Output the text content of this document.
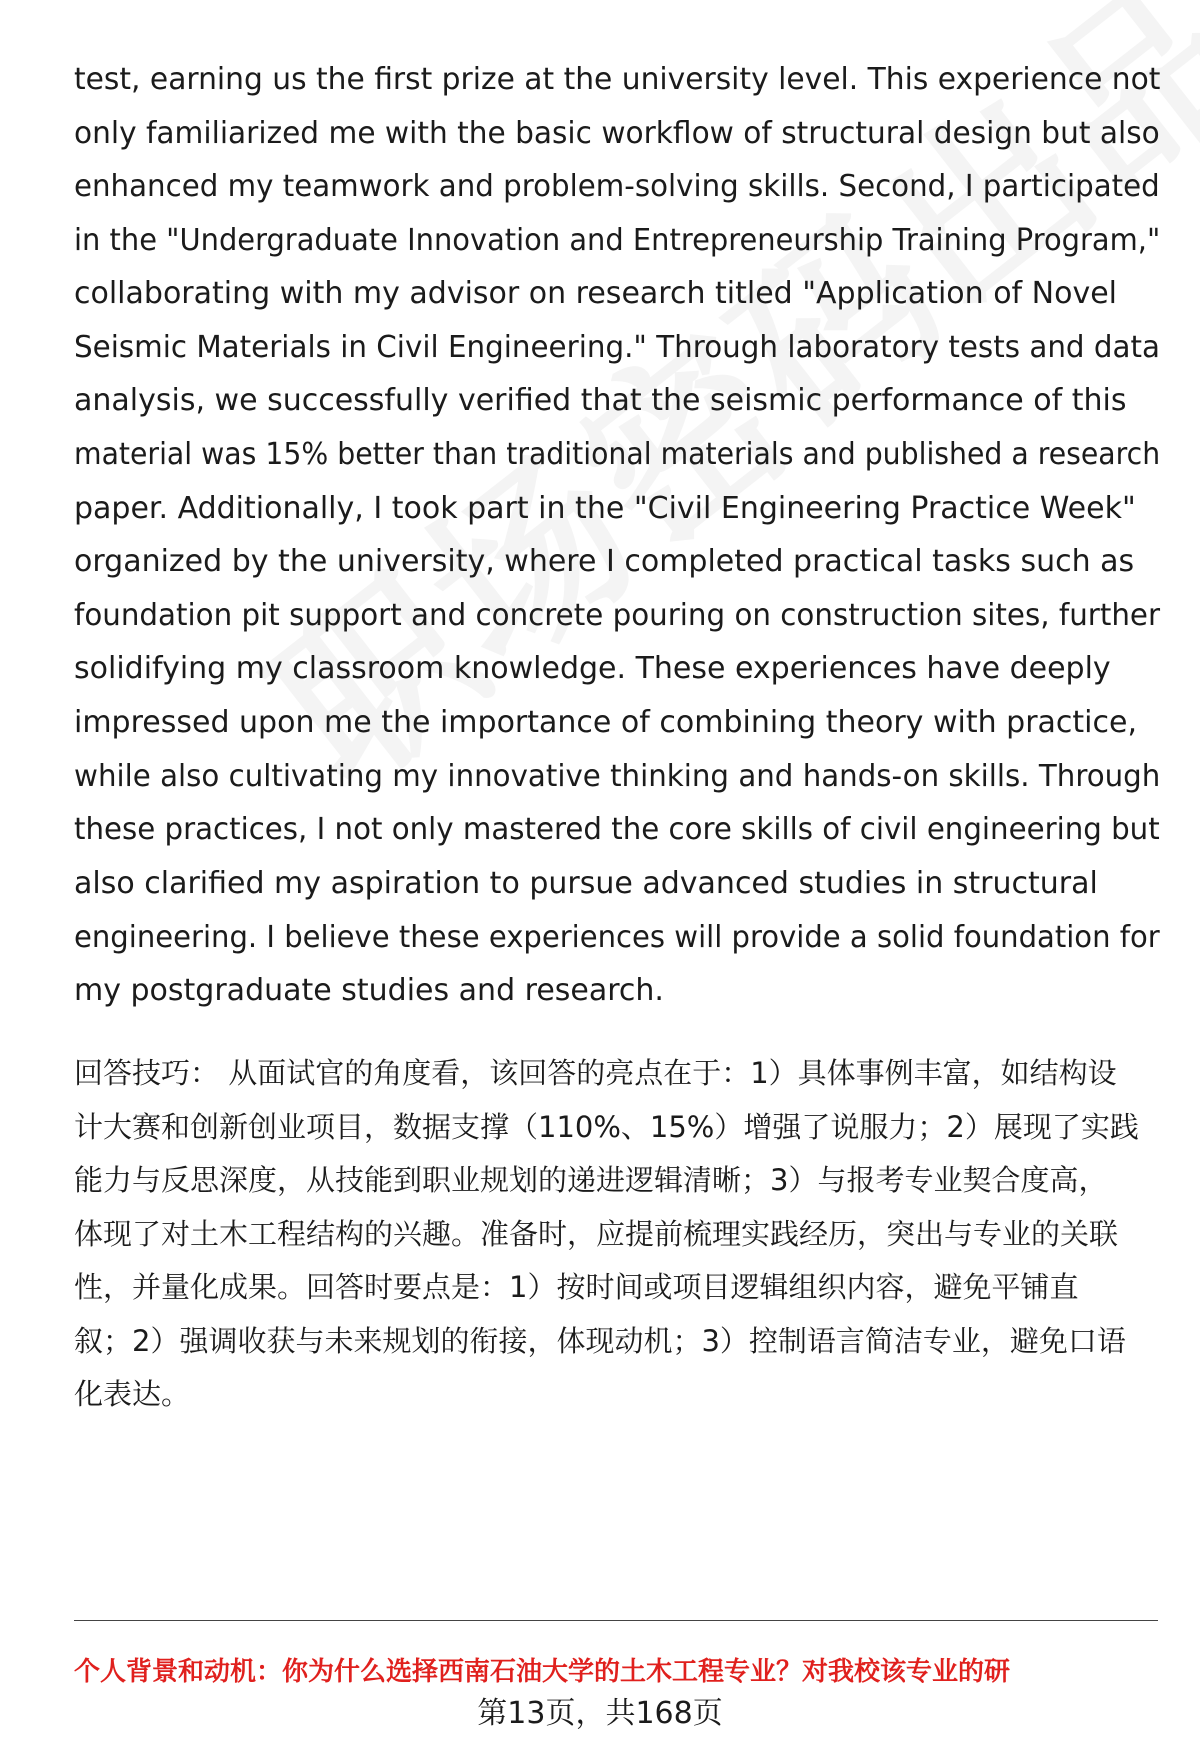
test, earning us the first prize at the university level. This experience not
only familiarized me with the basic workflow of structural design but also
enhanced my teamwork and problem-solving skills. Second, I participated
in the "Undergraduate Innovation and Entrepreneurship Training Program,"
collaborating with my advisor on research titled "Application of Novel
Seismic Materials in Civil Engineering." Through laboratory tests and data
analysis, we successfully verified that the seismic performance of this
material was 15% better than traditional materials and published a research
paper. Additionally, I took part in the "Civil Engineering Practice Week"
organized by the university, where I completed practical tasks such as
foundation pit support and concrete pouring on construction sites, further
solidifying my classroom knowledge. These experiences have deeply
impressed upon me the importance of combining theory with practice,
while also cultivating my innovative thinking and hands-on skills. Through
these practices, I not only mastered the core skills of civil engineering but
also clarified my aspiration to pursue advanced studies in structural
engineering. I believe these experiences will provide a solid foundation for
my postgraduate studies and research.
回答技巧： 从面试官的角度看，该回答的亮点在于：1）具体事例丰富，如结构设
计大赛和创新创业项目，数据支撑（110%、15%）增强了说服力；2）展现了实践
能力与反思深度，从技能到职业规划的递进逻辑清晰；3）与报考专业契合度高，
体现了对土木工程结构的兴趣。准备时，应提前梳理实践经历，突出与专业的关联
性，并量化成果。回答时要点是：1）按时间或项目逻辑组织内容，避免平铺直
叙；2）强调收获与未来规划的衔接，体现动机；3）控制语言简洁专业，避免口语
化表达。
个人背景和动机：你为什么选择西南石油大学的土木工程专业？对我校该专业的研
第13页，共168页
